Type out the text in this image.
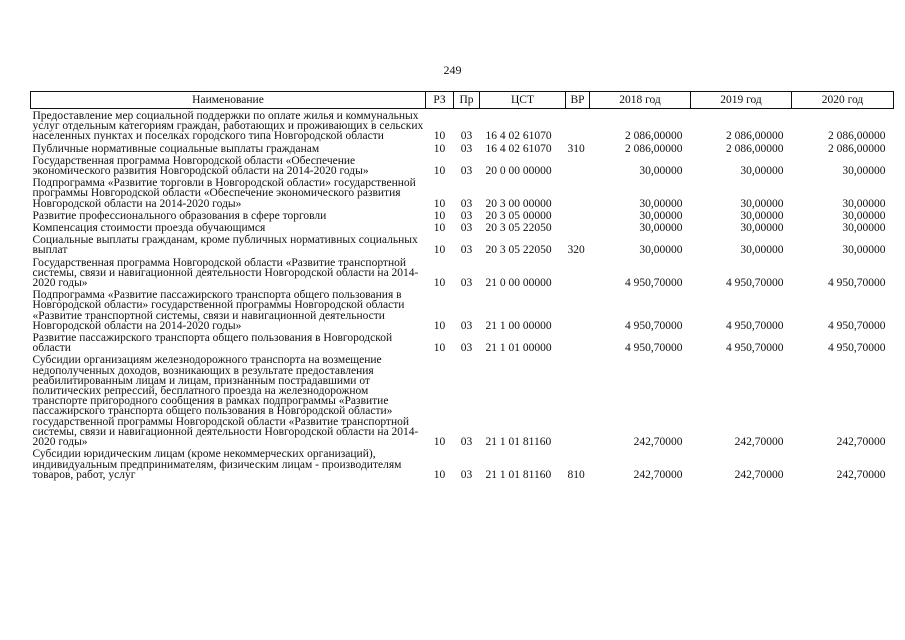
249
Наименование	РЗ	Пр	ЦСТ	ВР	2018 год	2019 год	2020 год
Предоставление мер социальной поддержки по оплате жилья и коммунальных услуг отдельным категориям граждан, работающих и проживающих в сельских населенных пунктах и поселках городского типа Новгородской области	10	03	16 4 02 61070		2 086,00000	2 086,00000	2 086,00000
Публичные нормативные социальные выплаты гражданам	10	03	16 4 02 61070	310	2 086,00000	2 086,00000	2 086,00000
Государственная программа Новгородской области «Обеспечение экономического развития Новгородской области на 2014-2020 годы»	10	03	20 0 00 00000		30,00000	30,00000	30,00000
Подпрограмма «Развитие торговли в Новгородской области» государственной программы Новгородской области «Обеспечение экономического развития Новгородской области на 2014-2020 годы»	10	03	20 3 00 00000		30,00000	30,00000	30,00000
Развитие профессионального образования в сфере торговли	10	03	20 3 05 00000		30,00000	30,00000	30,00000
Компенсация стоимости проезда обучающимся	10	03	20 3 05 22050		30,00000	30,00000	30,00000
Социальные выплаты гражданам, кроме публичных нормативных социальных выплат	10	03	20 3 05 22050	320	30,00000	30,00000	30,00000
Государственная программа Новгородской области «Развитие транспортной системы, связи и навигационной деятельности Новгородской области на 2014-2020 годы»	10	03	21 0 00 00000		4 950,70000	4 950,70000	4 950,70000
Подпрограмма «Развитие пассажирского транспорта общего пользования в Новгородской области» государственной программы Новгородской области «Развитие транспортной системы, связи и навигационной деятельности Новгородской области на 2014-2020 годы»	10	03	21 1 00 00000		4 950,70000	4 950,70000	4 950,70000
Развитие пассажирского транспорта общего пользования в Новгородской области	10	03	21 1 01 00000		4 950,70000	4 950,70000	4 950,70000
Субсидии организациям железнодорожного транспорта на возмещение недополученных доходов, возникающих в результате предоставления реабилитированным лицам и лицам, признанным пострадавшими от политических репрессий, бесплатного проезда на железнодорожном транспорте пригородного сообщения в рамках подпрограммы «Развитие пассажирского транспорта общего пользования в Новгородской области» государственной программы Новгородской области «Развитие транспортной системы, связи и навигационной деятельности Новгородской области на 2014-2020 годы»	10	03	21 1 01 81160		242,70000	242,70000	242,70000
Субсидии юридическим лицам (кроме некоммерческих организаций), индивидуальным предпринимателям, физическим лицам - производителям товаров, работ, услуг	10	03	21 1 01 81160	810	242,70000	242,70000	242,70000
